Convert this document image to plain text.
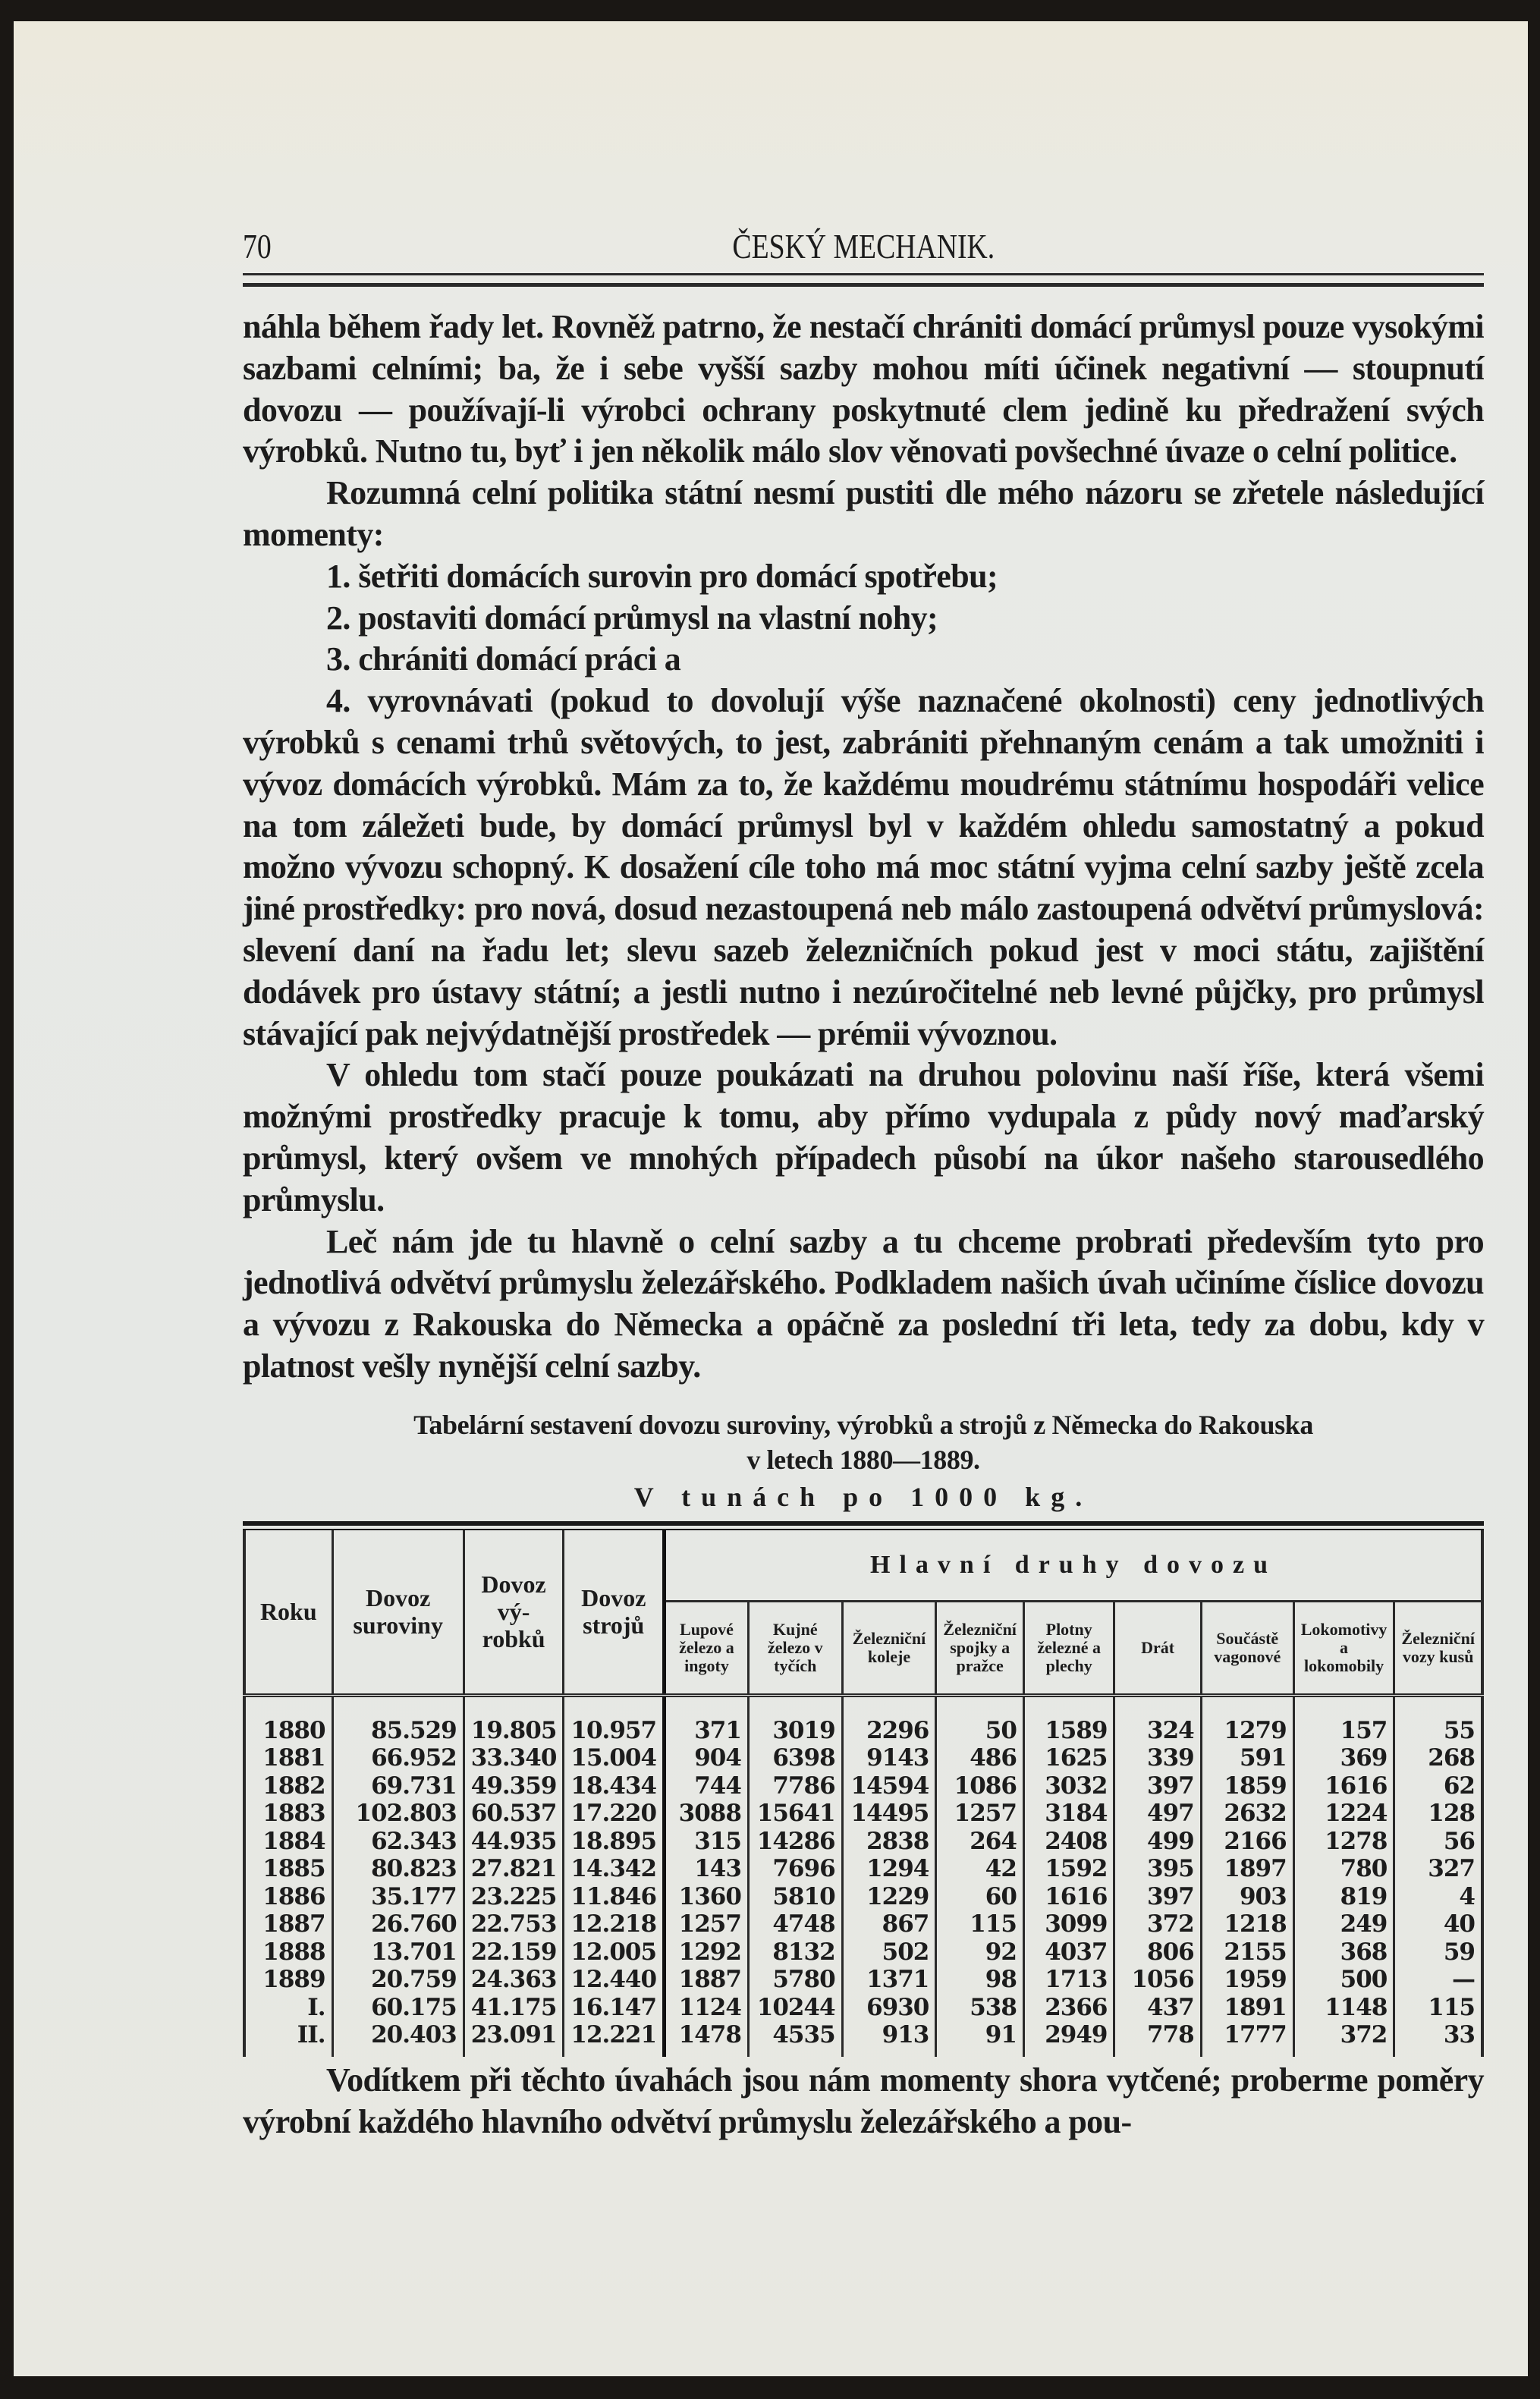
70	ČESKÝ MECHANIK.

náhla během řady let. Rovněž patrno, že nestačí chrániti domácí průmysl pouze vysokými sazbami celními; ba, že i sebe vyšší sazby mohou míti účinek negativní — stoupnutí dovozu — používají-li výrobci ochrany poskytnuté clem jedině ku předražení svých výrobků. Nutno tu, byť i jen několik málo slov věnovati povšechné úvaze o celní politice.

Rozumná celní politika státní nesmí pustiti dle mého názoru se zřetele následující momenty:

1. šetřiti domácích surovin pro domácí spotřebu;

2. postaviti domácí průmysl na vlastní nohy;

3. chrániti domácí práci a

4. vyrovnávati (pokud to dovolují výše naznačené okolnosti) ceny jednotlivých výrobků s cenami trhů světových, to jest, zabrániti přehnaným cenám a tak umožniti i vývoz domácích výrobků. Mám za to, že každému moudrému státnímu hospodáři velice na tom záležeti bude, by domácí průmysl byl v každém ohledu samostatný a pokud možno vývozu schopný. K dosažení cíle toho má moc státní vyjma celní sazby ještě zcela jiné prostředky: pro nová, dosud nezastoupená neb málo zastoupená odvětví průmyslová: slevení daní na řadu let; slevu sazeb železničních pokud jest v moci státu, zajištění dodávek pro ústavy státní; a jestli nutno i nezúročitelné neb levné půjčky, pro průmysl stávající pak nejvýdatnější prostředek — prémii vývoznou.

V ohledu tom stačí pouze poukázati na druhou polovinu naší říše, která všemi možnými prostředky pracuje k tomu, aby přímo vydupala z půdy nový maďarský průmysl, který ovšem ve mnohých případech působí na úkor našeho starousedlého průmyslu.

Leč nám jde tu hlavně o celní sazby a tu chceme probrati především tyto pro jednotlivá odvětví průmyslu železářského. Podkladem našich úvah učiníme číslice dovozu a vývozu z Rakouska do Německa a opáčně za poslední tři leta, tedy za dobu, kdy v platnost vešly nynější celní sazby.

Tabelární sestavení dovozu suroviny, výrobků a strojů z Německa do Rakouska
v letech 1880—1889.
V tunách po 1000 kg.
Roku	Dovoz suroviny	Dovoz vý-robků	Dovoz strojů	Hlavní druhy dovozu								
				Lupové železo a ingoty	Kujné železo v tyčích	Železniční koleje	Železniční spojky a pražce	Plotny železné a plechy	Drát	Součástě vagonové	Lokomotivy a lokomobily	Železniční vozy kusů
1880	85.529	19.805	10.957	371	3019	2296	50	1589	324	1279	157	55
1881	66.952	33.340	15.004	904	6398	9143	486	1625	339	591	369	268
1882	69.731	49.359	18.434	744	7786	14594	1086	3032	397	1859	1616	62
1883	102.803	60.537	17.220	3088	15641	14495	1257	3184	497	2632	1224	128
1884	62.343	44.935	18.895	315	14286	2838	264	2408	499	2166	1278	56
1885	80.823	27.821	14.342	143	7696	1294	42	1592	395	1897	780	327
1886	35.177	23.225	11.846	1360	5810	1229	60	1616	397	903	819	4
1887	26.760	22.753	12.218	1257	4748	867	115	3099	372	1218	249	40
1888	13.701	22.159	12.005	1292	8132	502	92	4037	806	2155	368	59
1889	20.759	24.363	12.440	1887	5780	1371	98	1713	1056	1959	500	—
I.	60.175	41.175	16.147	1124	10244	6930	538	2366	437	1891	1148	115
II.	20.403	23.091	12.221	1478	4535	913	91	2949	778	1777	372	33

Vodítkem při těchto úvahách jsou nám momenty shora vytčené; proberme poměry výrobní každého hlavního odvětví průmyslu železářského a pou-
